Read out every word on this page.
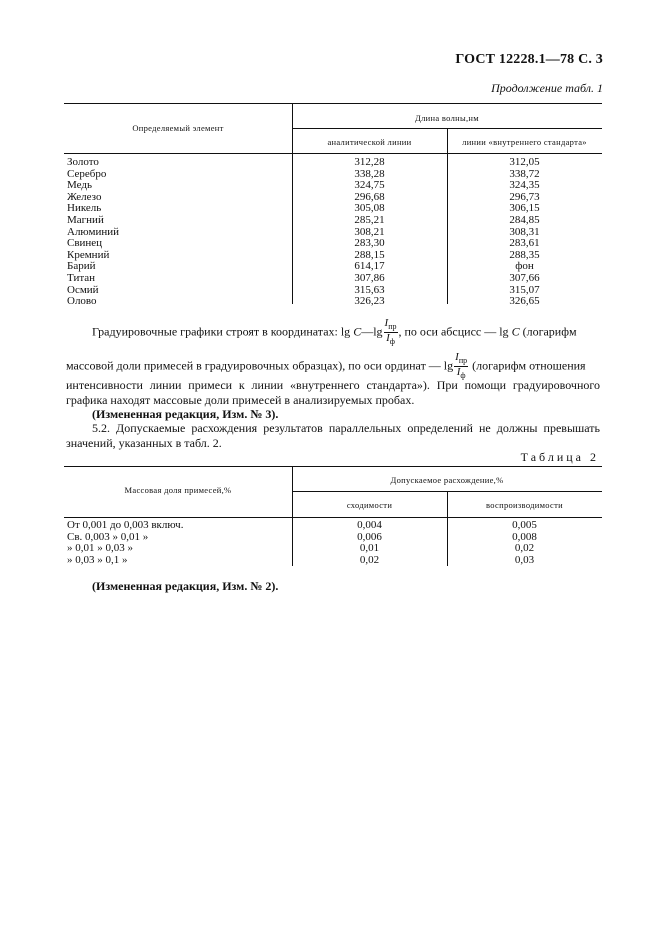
ГОСТ 12228.1—78 С. 3
Продолжение табл. 1
Определяемый элемент
Длина волны,нм
аналитической линии	линии «внутреннего стандарта»
Золото	312,28	312,05
Серебро	338,28	338,72
Медь	324,75	324,35
Железо	296,68	296,73
Никель	305,08	306,15
Магний	285,21	284,85
Алюминий	308,21	308,31
Свинец	283,30	283,61
Кремний	288,15	288,35
Барий	614,17	фон
Титан	307,86	307,66
Осмий	315,63	315,07
Олово	326,23	326,65
Градуировочные графики строят в координатах: lg C—lg $\frac{I_{пр}}{I_ф}$ , по оси абсцисс — lg C (логарифм
массовой доли примесей в градуировочных образцах), по оси ординат — $\lg \frac{I_{пр}}{I_ф}$ (логарифм отношения
интенсивности линии примеси к линии «внутреннего стандарта»). При помощи градуировочного графика находят массовые доли примесей в анализируемых пробах.
(Измененная редакция, Изм. № 3).
5.2. Допускаемые расхождения результатов параллельных определений не должны превышать значений, указанных в табл. 2.
Таблица 2
Массовая доля примесей,%
Допускаемое расхождение,%
сходимости	воспроизводимости
От 0,001 до 0,003 включ.	0,004	0,005
Св. 0,003 » 0,01 »	0,006	0,008
» 0,01 » 0,03 »	0,01	0,02
» 0,03 » 0,1 »	0,02	0,03
(Измененная редакция, Изм. № 2).
